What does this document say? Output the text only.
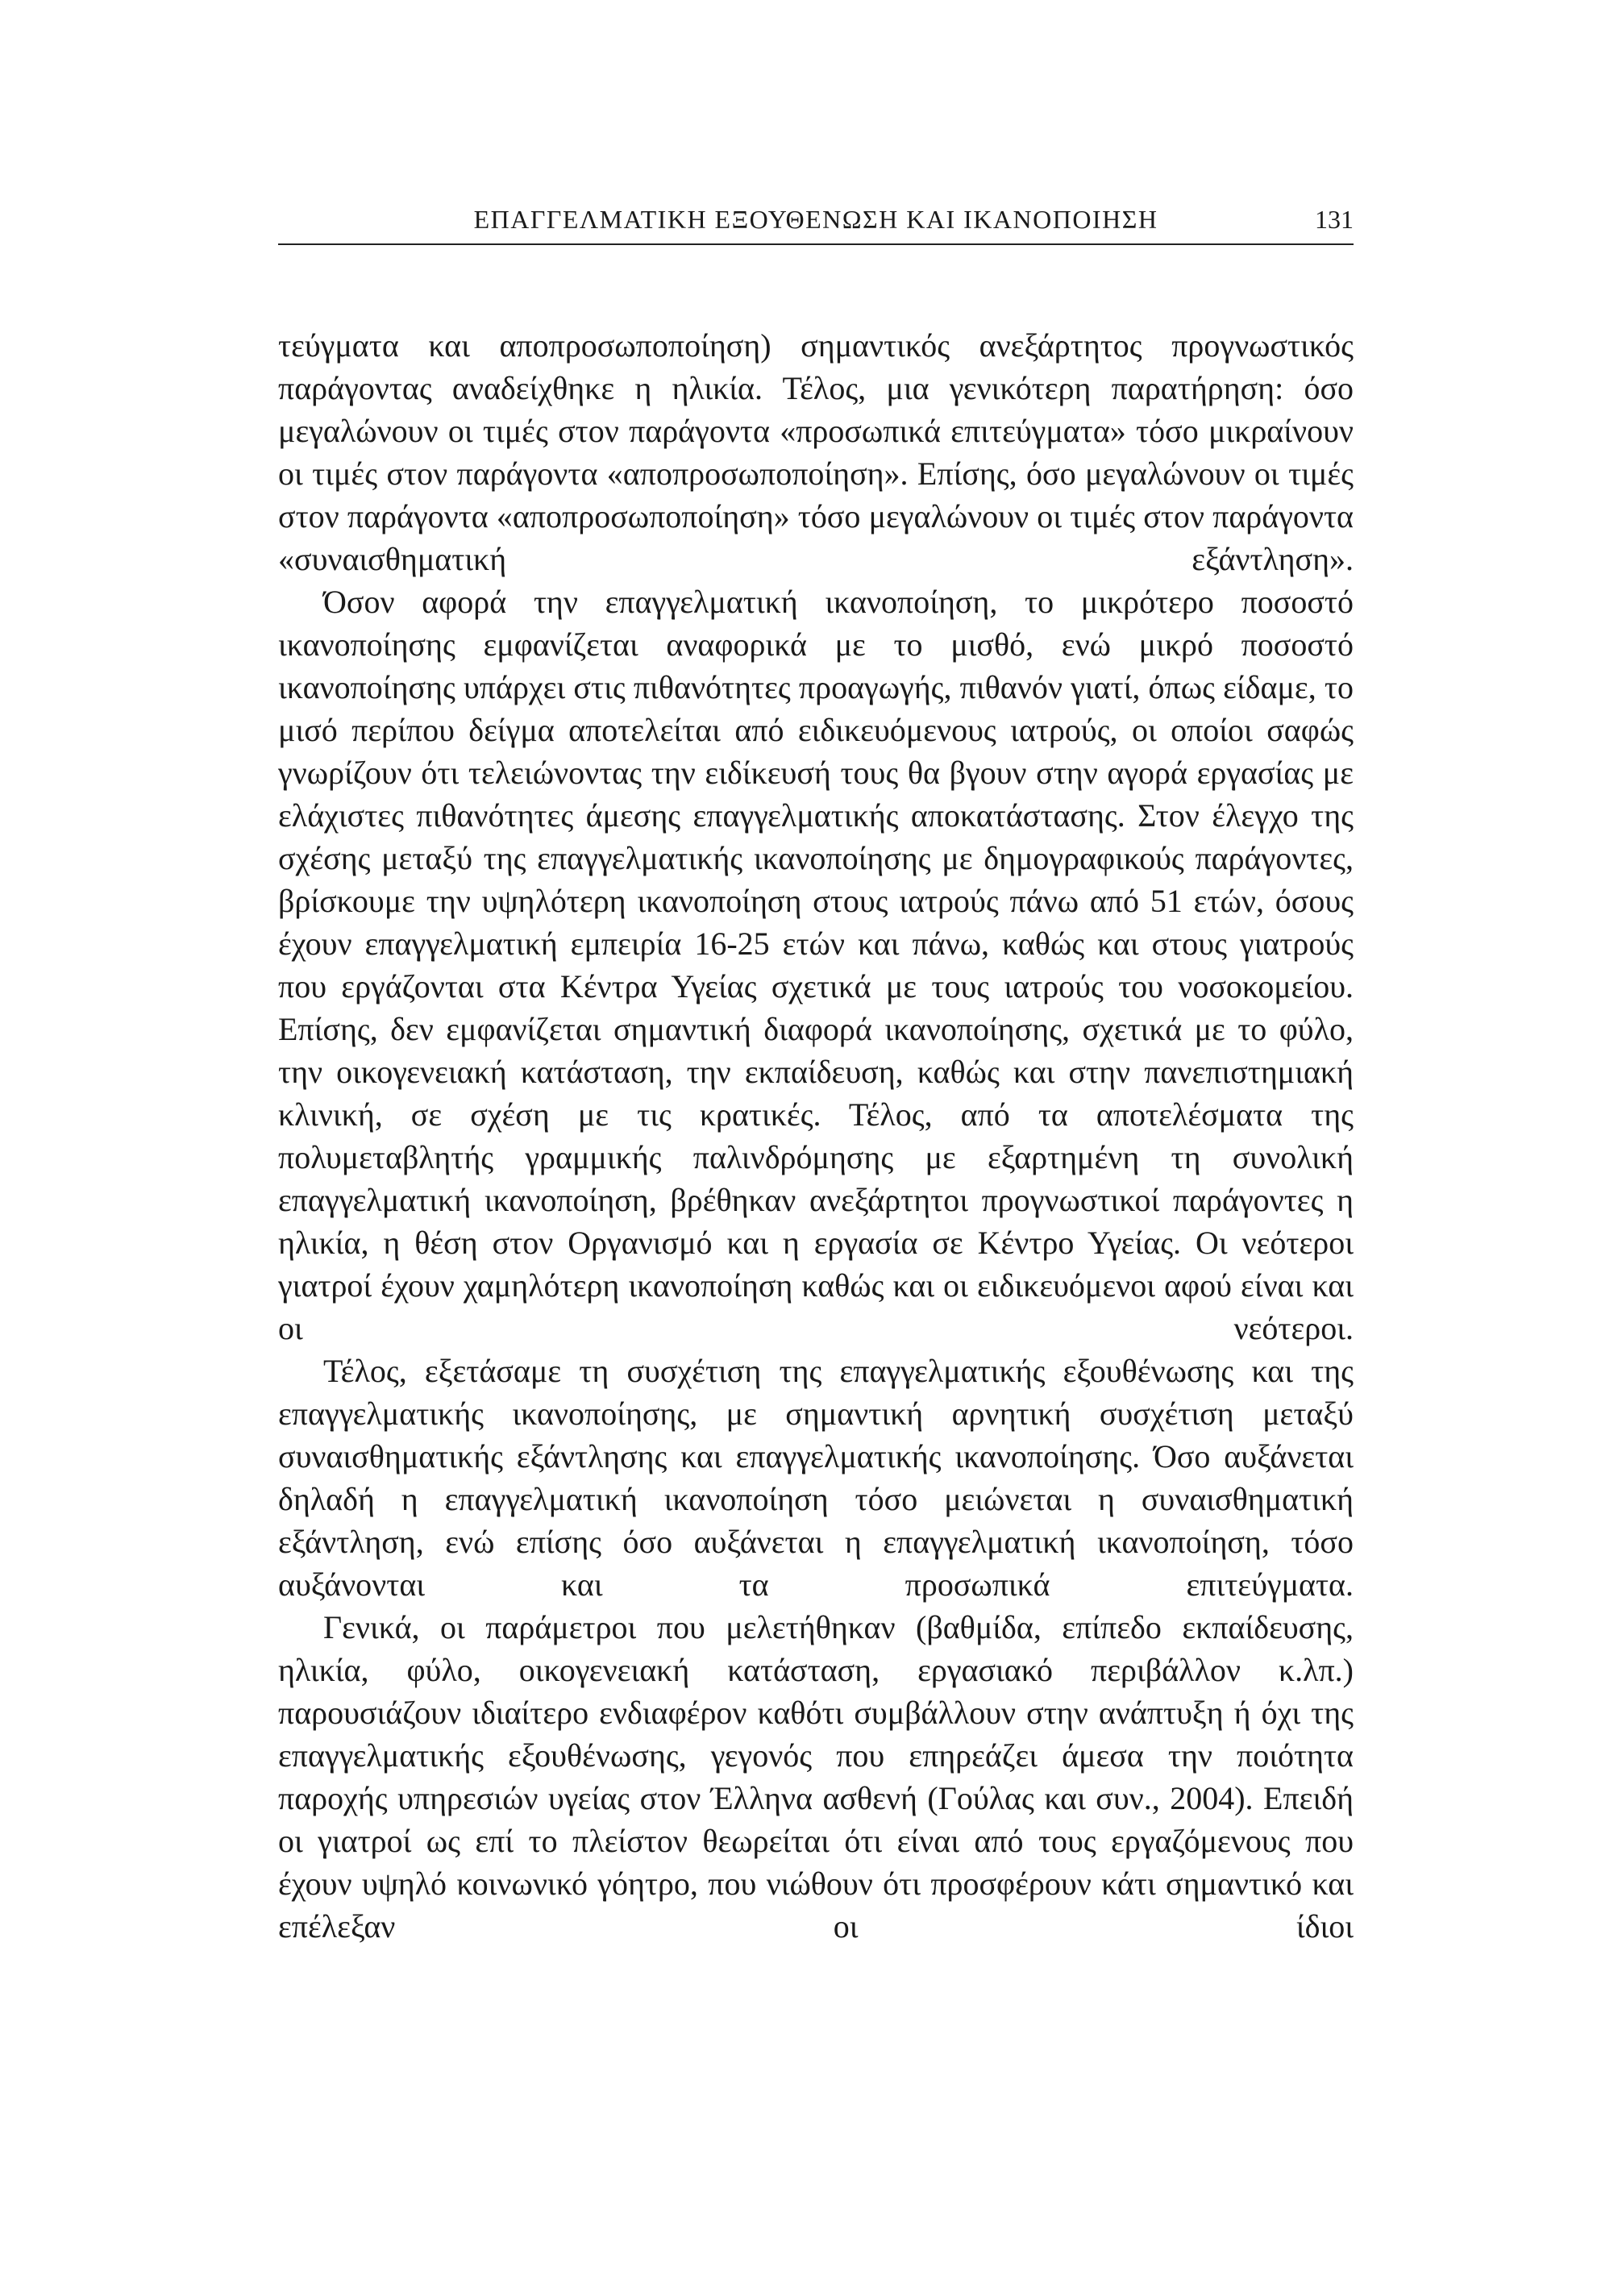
ΕΠΑΓΓΕΛΜΑΤΙΚΗ ΕΞΟΥΘΕΝΩΣΗ ΚΑΙ ΙΚΑΝΟΠΟΙΗΣΗ	131

τεύγματα και αποπροσωποποίηση) σημαντικός ανεξάρτητος προγνωστικός παράγοντας αναδείχθηκε η ηλικία. Τέλος, μια γενικότερη παρατήρηση: όσο μεγαλώνουν οι τιμές στον παράγοντα «προσωπικά επιτεύγματα» τόσο μικραίνουν οι τιμές στον παράγοντα «αποπροσωποποίηση». Επίσης, όσο μεγαλώνουν οι τιμές στον παράγοντα «αποπροσωποποίηση» τόσο μεγαλώνουν οι τιμές στον παράγοντα «συναισθηματική εξάντληση».

Όσον αφορά την επαγγελματική ικανοποίηση, το μικρότερο ποσοστό ικανοποίησης εμφανίζεται αναφορικά με το μισθό, ενώ μικρό ποσοστό ικανοποίησης υπάρχει στις πιθανότητες προαγωγής, πιθανόν γιατί, όπως είδαμε, το μισό περίπου δείγμα αποτελείται από ειδικευόμενους ιατρούς, οι οποίοι σαφώς γνωρίζουν ότι τελειώνοντας την ειδίκευσή τους θα βγουν στην αγορά εργασίας με ελάχιστες πιθανότητες άμεσης επαγγελματικής αποκατάστασης. Στον έλεγχο της σχέσης μεταξύ της επαγγελματικής ικανοποίησης με δημογραφικούς παράγοντες, βρίσκουμε την υψηλότερη ικανοποίηση στους ιατρούς πάνω από 51 ετών, όσους έχουν επαγγελματική εμπειρία 16-25 ετών και πάνω, καθώς και στους γιατρούς που εργάζονται στα Κέντρα Υγείας σχετικά με τους ιατρούς του νοσοκομείου. Επίσης, δεν εμφανίζεται σημαντική διαφορά ικανοποίησης, σχετικά με το φύλο, την οικογενειακή κατάσταση, την εκπαίδευση, καθώς και στην πανεπιστημιακή κλινική, σε σχέση με τις κρατικές. Τέλος, από τα αποτελέσματα της πολυμεταβλητής γραμμικής παλινδρόμησης με εξαρτημένη τη συνολική επαγγελματική ικανοποίηση, βρέθηκαν ανεξάρτητοι προγνωστικοί παράγοντες η ηλικία, η θέση στον Οργανισμό και η εργασία σε Κέντρο Υγείας. Οι νεότεροι γιατροί έχουν χαμηλότερη ικανοποίηση καθώς και οι ειδικευόμενοι αφού είναι και οι νεότεροι.

Τέλος, εξετάσαμε τη συσχέτιση της επαγγελματικής εξουθένωσης και της επαγγελματικής ικανοποίησης, με σημαντική αρνητική συσχέτιση μεταξύ συναισθηματικής εξάντλησης και επαγγελματικής ικανοποίησης. Όσο αυξάνεται δηλαδή η επαγγελματική ικανοποίηση τόσο μειώνεται η συναισθηματική εξάντληση, ενώ επίσης όσο αυξάνεται η επαγγελματική ικανοποίηση, τόσο αυξάνονται και τα προσωπικά επιτεύγματα.

Γενικά, οι παράμετροι που μελετήθηκαν (βαθμίδα, επίπεδο εκπαίδευσης, ηλικία, φύλο, οικογενειακή κατάσταση, εργασιακό περιβάλλον κ.λπ.) παρουσιάζουν ιδιαίτερο ενδιαφέρον καθότι συμβάλλουν στην ανάπτυξη ή όχι της επαγγελματικής εξουθένωσης, γεγονός που επηρεάζει άμεσα την ποιότητα παροχής υπηρεσιών υγείας στον Έλληνα ασθενή (Γούλας και συν., 2004). Επειδή οι γιατροί ως επί το πλείστον θεωρείται ότι είναι από τους εργαζόμενους που έχουν υψηλό κοινωνικό γόητρο, που νιώθουν ότι προσφέρουν κάτι σημαντικό και επέλεξαν οι ίδιοι
